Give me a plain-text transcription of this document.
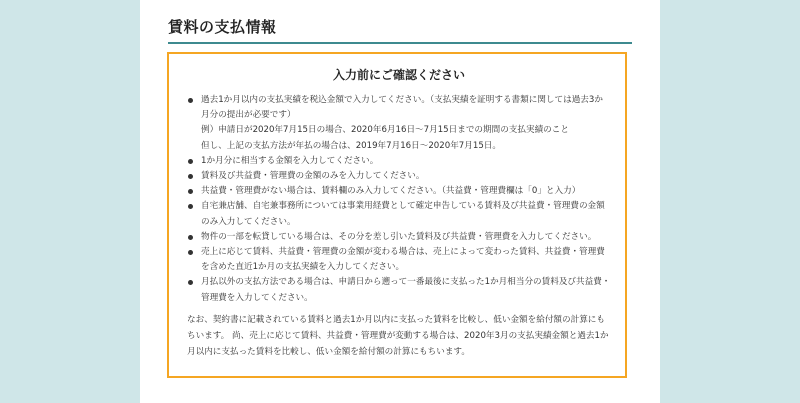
賃料の支払情報
入力前にご確認ください
過去1か月以内の支払実績を税込金額で入力してください。（支払実績を証明する書類に関しては過去3か月分の提出が必要です）
例）申請日が2020年7月15日の場合、2020年6月16日〜7月15日までの期間の支払実績のこと
但し、上記の支払方法が年払の場合は、2019年7月16日〜2020年7月15日。
1か月分に相当する金額を入力してください。
賃料及び共益費・管理費の金額のみを入力してください。
共益費・管理費がない場合は、賃料欄のみ入力してください。（共益費・管理費欄は「0」と入力）
自宅兼店舗、自宅兼事務所については事業用経費として確定申告している賃料及び共益費・管理費の金額のみ入力してください。
物件の一部を転貸している場合は、その分を差し引いた賃料及び共益費・管理費を入力してください。
売上に応じて賃料、共益費・管理費の金額が変わる場合は、売上によって変わった賃料、共益費・管理費を含めた直近1か月の支払実績を入力してください。
月払以外の支払方法である場合は、申請日から遡って一番最後に支払った1か月相当分の賃料及び共益費・管理費を入力してください。
なお、契約書に記載されている賃料と過去1か月以内に支払った賃料を比較し、低い金額を給付額の計算にもちいます。 尚、売上に応じて賃料、共益費・管理費が変動する場合は、2020年3月の支払実績金額と過去1か月以内に支払った賃料を比較し、低い金額を給付額の計算にもちいます。
